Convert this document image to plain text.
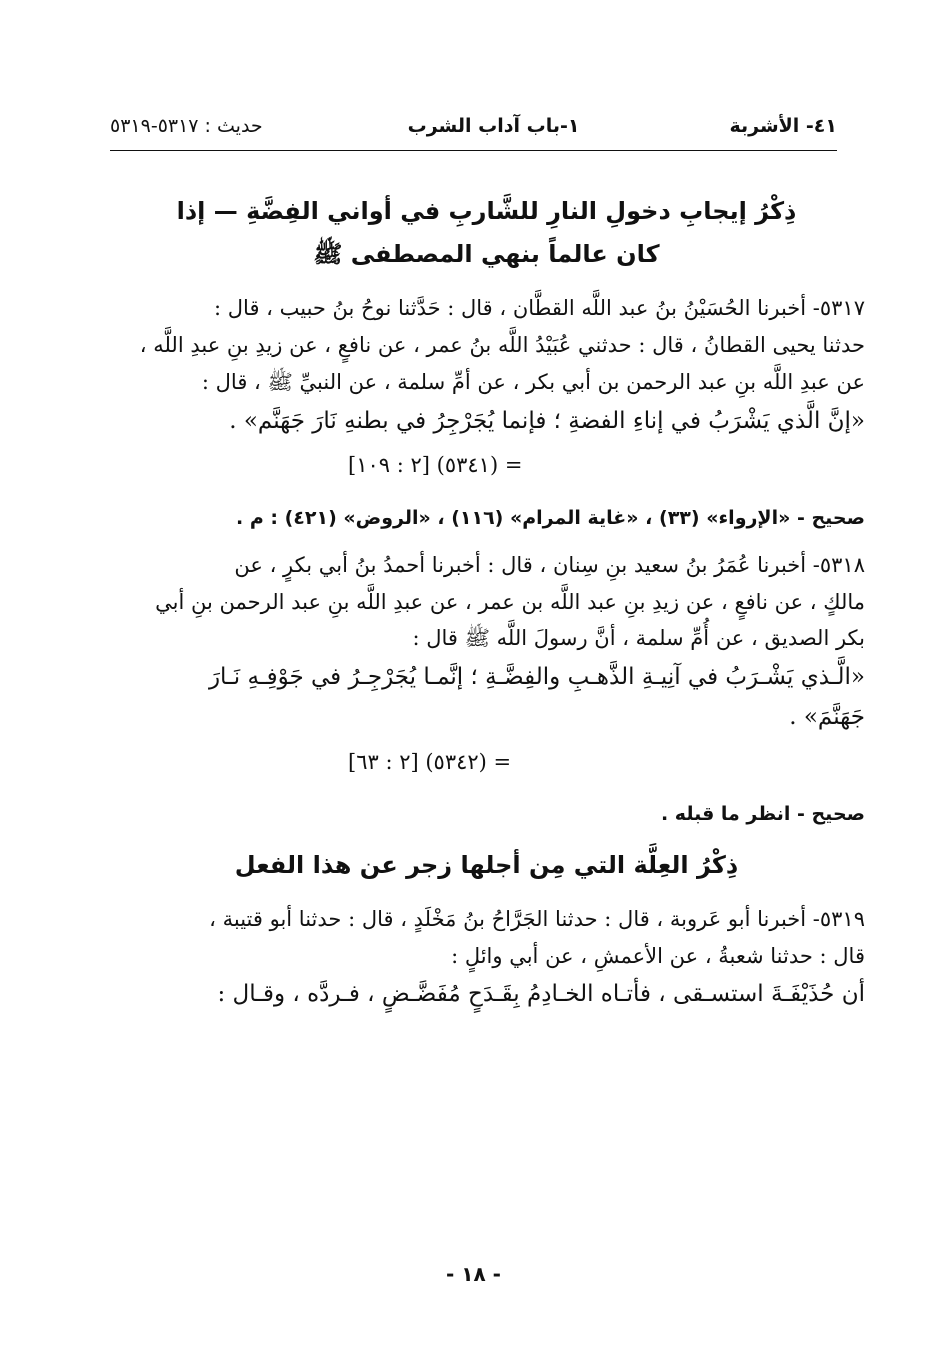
٤١- الأشربة
١-باب آداب الشرب
حديث : ٥٣١٧-٥٣١٩
ذِكْرُ إيجابِ دخولِ النارِ للشَّاربِ في أواني الفِضَّةِ — إذا
كان عالماً بنهي المصطفى ﷺ
٥٣١٧- أخبرنا الحُسَيْنُ بنُ عبد اللَّه القطَّان ، قال : حَدَّثنا نوحُ بنُ حبيب ، قال :
حدثنا يحيى القطانُ ، قال : حدثني عُبَيْدُ اللَّه بنُ عمر ، عن نافعٍ ، عن زيدِ بنِ عبدِ اللَّه ،
عن عبدِ اللَّه بنِ عبد الرحمن بن أبي بكر ، عن أمِّ سلمة ، عن النبيِّ ﷺ ، قال :
«إنَّ الَّذي يَشْرَبُ في إناءِ الفضةِ ؛ فإنما يُجَرْجِرُ في بطنهِ نَارَ جَهَنَّم» .
= (٥٣٤١) [٢ : ١٠٩]
صحيح - «الإرواء» (٣٣) ، «غاية المرام» (١١٦) ، «الروض» (٤٢١) : م .
٥٣١٨- أخبرنا عُمَرُ بنُ سعيد بنِ سِنان ، قال : أخبرنا أحمدُ بنُ أبي بكرٍ ، عن
مالكٍ ، عن نافعٍ ، عن زيدِ بنِ عبد اللَّه بن عمر ، عن عبدِ اللَّه بنِ عبد الرحمن بنِ أبي
بكر الصديق ، عن أُمِّ سلمة ، أنَّ رسولَ اللَّه ﷺ قال :
«الَّـذي يَشْـرَبُ في آنِيـةِ الذَّهـبِ والفِضَّـةِ ؛ إنَّمـا يُجَرْجِـرُ في جَوْفِـهِ نَـارَ
جَهَنَّمَ» .
= (٥٣٤٢) [٢ : ٦٣]
صحيح - انظر ما قبله .
ذِكْرُ العِلَّة التي مِن أجلها زجر عن هذا الفعل
٥٣١٩- أخبرنا أبو عَروبة ، قال : حدثنا الجَرَّاحُ بنُ مَخْلَدٍ ، قال : حدثنا أبو قتيبة ،
قال : حدثنا شعبةُ ، عن الأعمشِ ، عن أبي وائلٍ :
أن حُذَيْفَـةَ استسـقى ، فأتـاه الخـادِمُ بِقَـدَحٍ مُفَضَّـضٍ ، فـردَّه ، وقـال :
- ١٨ -
